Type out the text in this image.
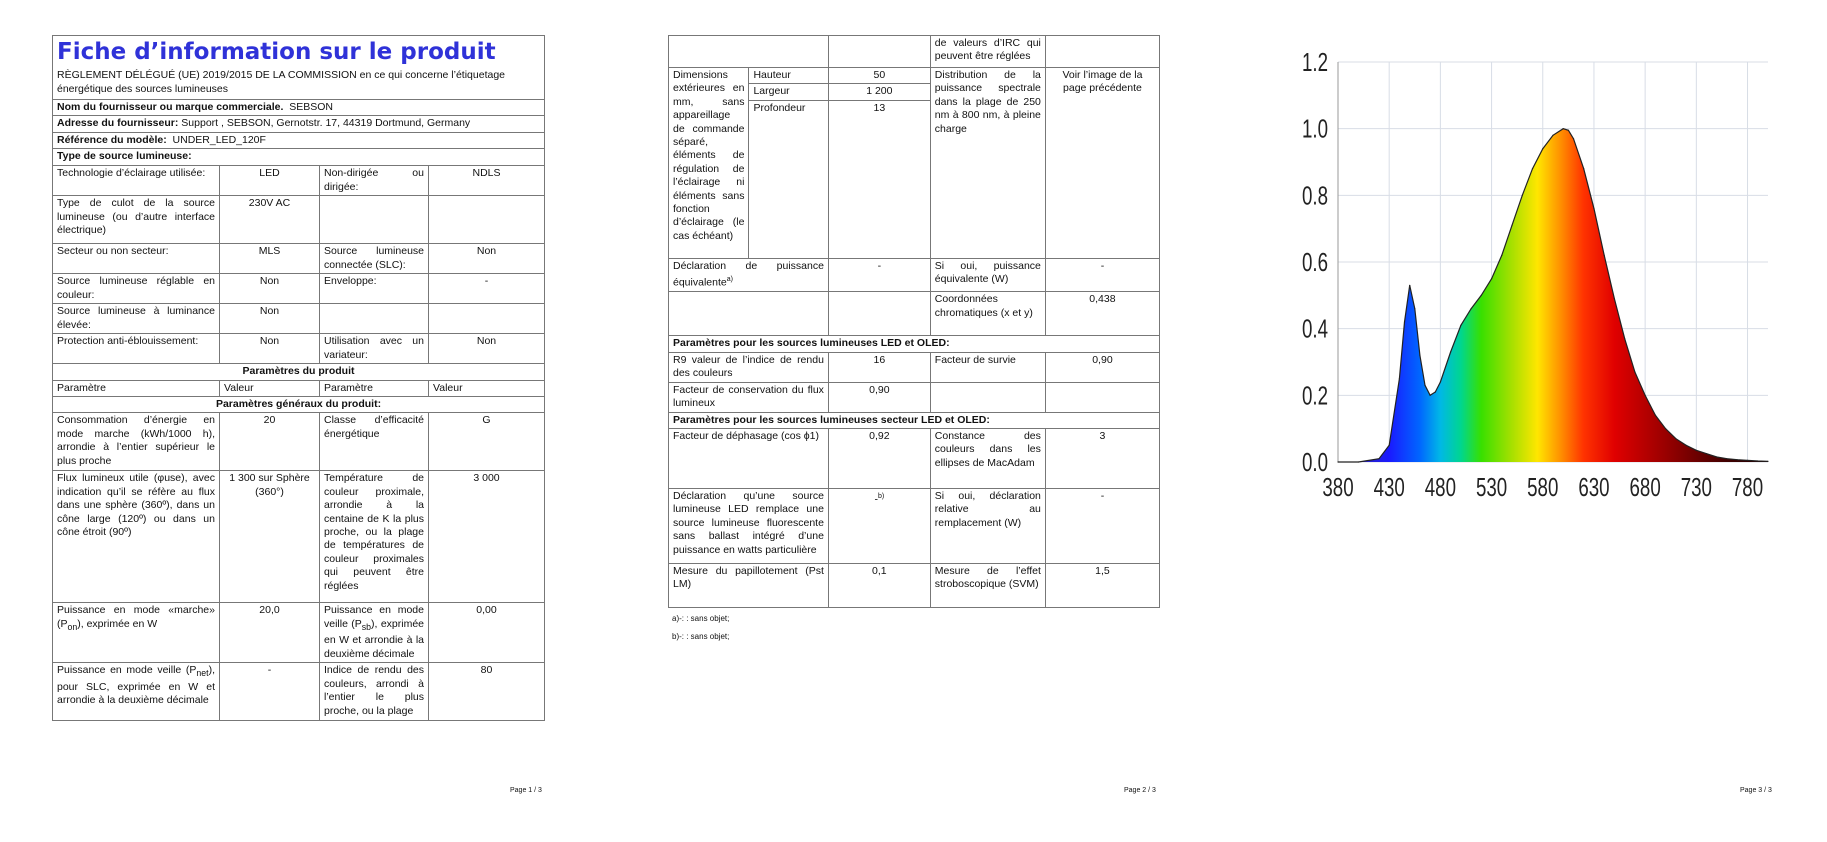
Fiche d’information sur le produit
RÈGLEMENT DÉLÉGUÉ (UE) 2019/2015 DE LA COMMISSION en ce qui concerne l’étiquetage énergétique des sources lumineuses			

Nom du fournisseur ou marque commerciale. SEBSON			
Adresse du fournisseur: Support , SEBSON, Gernotstr. 17, 44319 Dortmund, Germany			
Référence du modèle: UNDER_LED_120F			
Type de source lumineuse:			
Technologie d’éclairage utilisée:	LED	Non-dirigée ou dirigée:	NDLS
Type de culot de la source lumineuse (ou d’autre interface électrique)	230V AC		
Secteur ou non secteur:	MLS	Source lumineuse connectée (SLC):	Non
Source lumineuse réglable en couleur:	Non	Enveloppe:	-
Source lumineuse à luminance élevée:	Non		
Protection anti-éblouissement:	Non	Utilisation avec un variateur:	Non
Paramètres du produit			
Paramètre	Valeur	Paramètre	Valeur
Paramètres généraux du produit:			
Consommation d’énergie en mode marche (kWh/1000 h), arrondie à l’entier supérieur le plus proche	20	Classe d’efficacité énergétique	G
Flux lumineux utile (φuse), avec indication qu’il se réfère au flux dans une sphère (360º), dans un cône large (120º) ou dans un cône étroit (90º)	1 300 sur Sphère (360°)	Température de couleur proximale, arrondie à la centaine de K la plus proche, ou la plage de températures de couleur proximales qui peuvent être réglées	3 000
Puissance en mode «marche» $(P_{on})$, exprimée en W	20,0	Puissance en mode veille $(P_{sb})$, exprimée en W et arrondie à la deuxième décimale	0,00
Puissance en mode veille $(P_{net})$, pour SLC, exprimée en W et arrondie à la deuxième décimale	-	Indice de rendu des couleurs, arrondi à l’entier le plus proche, ou la plage	80
Page 1 / 3
			de valeurs d’IRC qui peuvent être réglées	
Dimensions extérieures en mm, sans appareillage de commande séparé, éléments de régulation de l’éclairage ni éléments sans fonction d’éclairage (le cas échéant)	Hauteur	50	Distribution de la puissance spectrale dans la plage de 250 nm à 800 nm, à pleine charge	Voir l’image de la page précédente
	Largeur	1 200		
	Profondeur	13		
Déclaration de puissance équivalente$^{a)}$		-	Si oui, puissance équivalente (W)	-
			Coordonnées chromatiques (x et y)	0,438
Paramètres pour les sources lumineuses LED et OLED:				
R9 valeur de l’indice de rendu des couleurs		16	Facteur de survie	0,90
Facteur de conservation du flux lumineux		0,90		
Paramètres pour les sources lumineuses secteur LED et OLED:				
Facteur de déphasage (cos ϕ1)		0,92	Constance des couleurs dans les ellipses de MacAdam	3
Déclaration qu’une source lumineuse LED remplace une source lumineuse fluorescente sans ballast intégré d’une puissance en watts particulière		-$^{b)}$	Si oui, déclaration relative au remplacement (W)	-
Mesure du papillotement (Pst LM)		0,1	Mesure de l’effet stroboscopique (SVM)	1,5
a)-: : sans objet;
b)-: : sans objet;
Page 2 / 3
380 430 480 530 580 630 680 730 780
0.0
0.2
0.4
0.6
0.8
1.0
1.2
Page 3 / 3
